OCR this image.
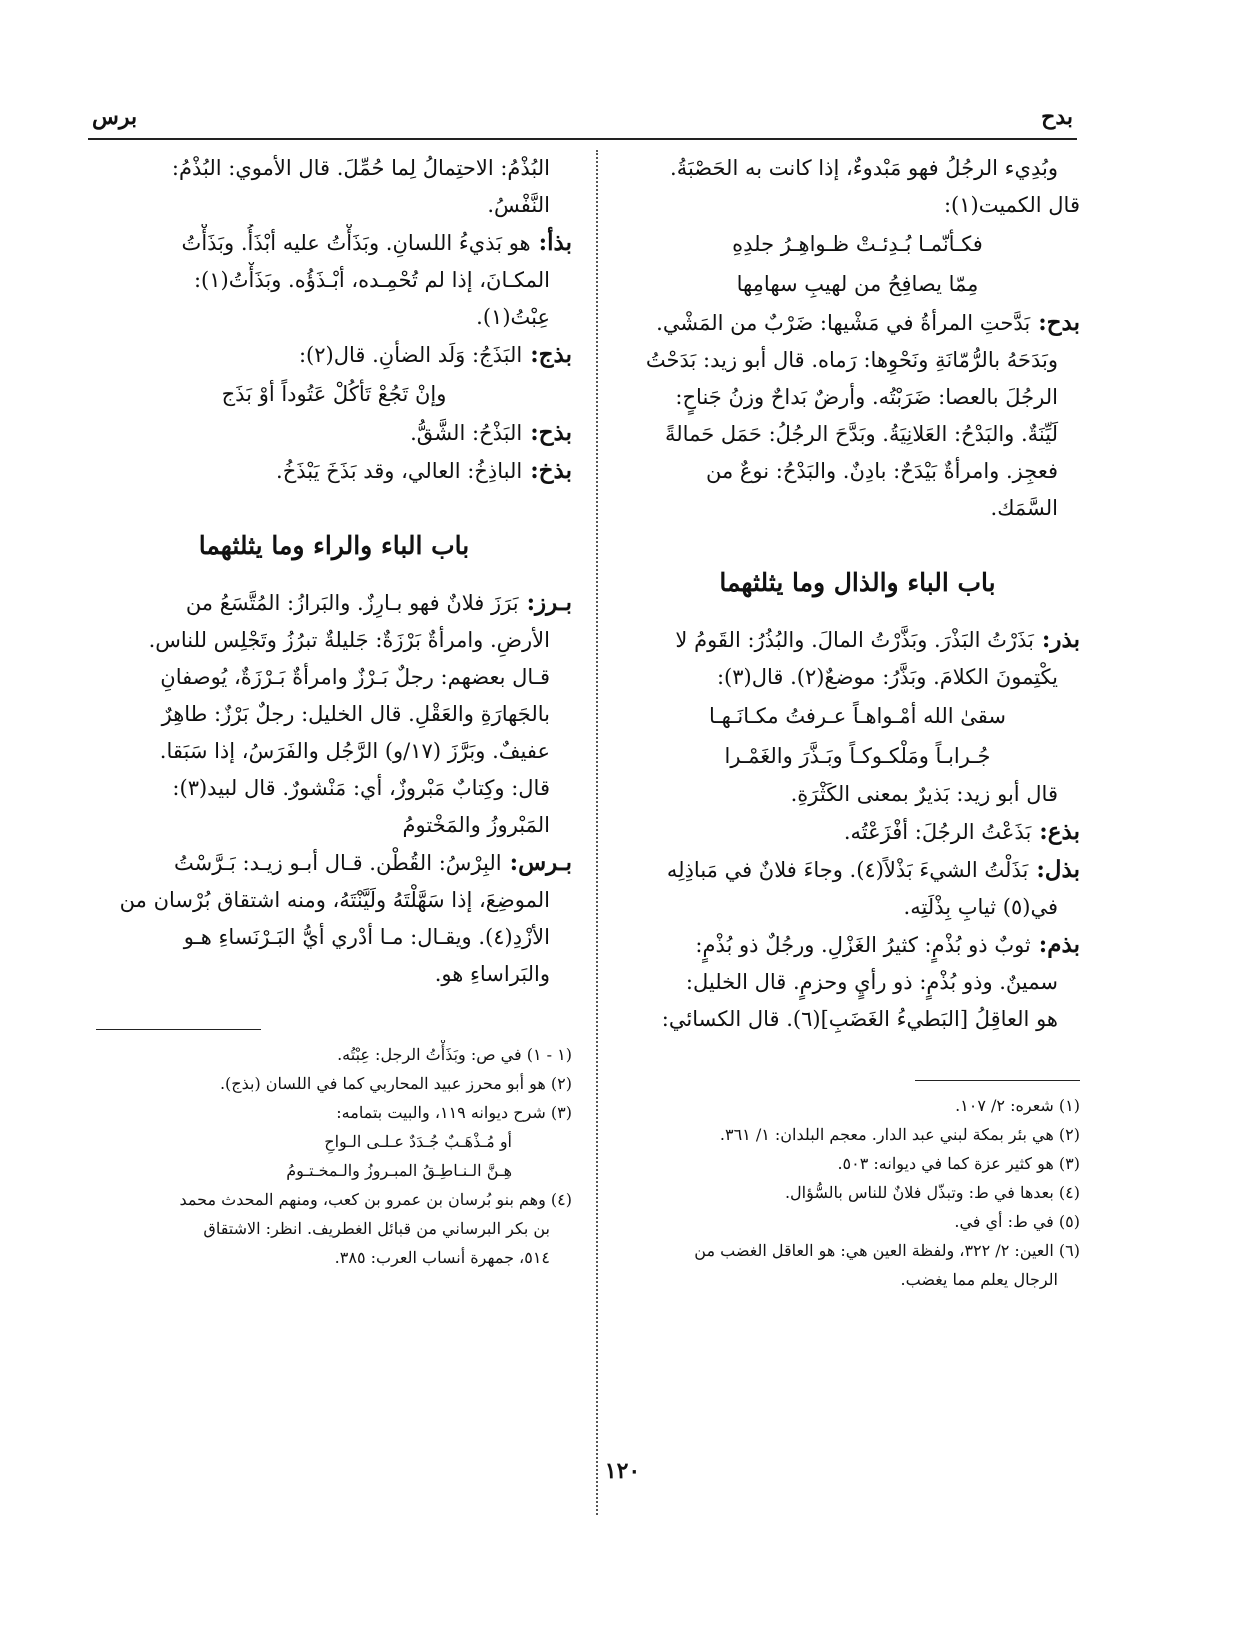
بدح
برس

وبُدِيء الرجُلُ فهو مَبْدوءٌ، إذا كانت به الحَصْبَةُ.

قال الكميت(١):

فكـأنّمـا بُـدِئـتْ ظـواهِـرُ جلدِهِ
مِمّا يصافِحُ من لهيبِ سهامِها

بدح:بَدَّحتِ المرأةُ في مَشْيها: ضَرْبٌ من المَشْي.

وبَدَحَهُ بالرُّمّانَةِ ونَحْوِها: رَماه. قال أبو زيد: بَدَحْتُ

الرجُلَ بالعصا: ضَرَبْتُه. وأرضٌ بَداحٌ وزنُ جَناحٍ:

لَيِّنَةٌ. والبَدْحُ: العَلانِيَةُ. وبَدَّحَ الرجُلُ: حَمَل حَمالةً

فعجِز. وامرأةٌ بَيْدَحٌ: بادِنٌ. والبَدْحُ: نوعٌ من

السَّمَك.

باب الباء والذال وما يثلثهما

بذر:بَذَرْتُ البَذْرَ. وبَذَّرْتُ المالَ. والبُذُرُ: القَومُ لا

يكْتِمونَ الكلامَ. وبَذَّرُ: موضعٌ(٢). قال(٣):

سقىٰ الله أمْـواهـاً عـرفتُ مكـانَـهـا
جُـرابـاً ومَلْكـوكـاً وبَـذَّرَ والغَمْـرا

قال أبو زيد: بَذيرٌ بمعنى الكَثْرَةِ.

بذع:بَذَعْتُ الرجُلَ: أفْزَعْتُه.

بذل:بَذَلْتُ الشيءَ بَذْلاً(٤). وجاءَ فلانٌ في مَباذِلِه

في(٥) ثيابِ بِذْلَتِه.

بذم:ثوبٌ ذو بُذْمٍ: كثيرُ الغَزْلِ. ورجُلٌ ذو بُذْمٍ:

سمينٌ. وذو بُذْمٍ: ذو رأيٍ وحزمٍ. قال الخليل:

هو العاقِلُ [البَطيءُ الغَضَبِ](٦). قال الكسائي:

(١) شعره: ٢/ ١٠٧.

(٢) هي بئر بمكة لبني عبد الدار. معجم البلدان: ١/ ٣٦١.

(٣) هو كثير عزة كما في ديوانه: ٥٠٣.

(٤) بعدها في ط: وتبذّل فلانٌ للناس بالسُّؤال.

(٥) في ط: أي في.

(٦) العين: ٢/ ٣٢٢، ولفظة العين هي: هو العاقل الغضب من

الرجال يعلم مما يغضب.

البُذْمُ: الاحتِمالُ لِما حُمِّلَ. قال الأموي: البُذْمُ:

النَّفْسُ.

بذأ:هو بَذيءُ اللسانِ. وبَذَأْتُ عليه أبْذَأُ. وبَذَأْتُ

المكـانَ، إذا لم تُحْمِـده، أبْـذَؤُه. وبَذَأْتُ(١):

عِبْتُ(١).

بذج:البَذَجُ: وَلَد الضأنِ. قال(٢):

وإنْ تَجُعْ تَأكُلْ عَتُوداً أوْ بَذَج

بذح:البَذْحُ: الشَّقُّ.

بذخ:الباذِخُ: العالي، وقد بَذَخَ يَبْذَخُ.

باب الباء والراء وما يثلثهما

بـرز:بَرَزَ فلانٌ فهو بـارِزٌ. والبَرازُ: المُتَّسَعُ من

الأرضِ. وامرأةٌ بَرْزَةٌ: جَليلةٌ تبرُزُ وتَجْلِس للناس.

قـال بعضهم: رجلٌ بَـرْزٌ وامرأةٌ بَـرْزَةٌ، يُوصفانِ

بالجَهارَةِ والعَقْلِ. قال الخليل: رجلٌ بَرْزٌ: طاهِرٌ

عفيفٌ. وبَرَّزَ (١٧/و) الرَّجُل والفَرَسُ، إذا سَبَقا.

قال: وكِتابٌ مَبْروزٌ، أي: مَنْشورٌ. قال لبيد(٣):

المَبْروزُ والمَخْتومُ

بـرس:البِرْسُ: القُطْن. قـال أبـو زيـد: بَـرَّسْتُ

الموضِعَ، إذا سَهَّلْتَهُ ولَيَّنْتَهُ، ومنه اشتقاق بُرْسان من

الأزْدِ(٤). ويقـال: مـا أدْري أيُّ البَـرْنَساءِ هـو

والبَراساءِ هو.

(١ - ١) في ص: وبَذَأْتُ الرجل: عِبْتُه.

(٢) هو أبو محرز عبيد المحاربي كما في اللسان (بذج).

(٣) شرح ديوانه ١١٩، والبيت بتمامه:

أو مُـذْهَـبٌ جُـدَدٌ عـلـى الـواحِ
هِـنَّ الـنـاطِـقُ المبـروزُ والـمخـتـومُ

(٤) وهم بنو بُرسان بن عمرو بن كعب، ومنهم المحدث محمد

بن بكر البرساني من قبائل الغطريف. انظر: الاشتقاق

٥١٤، جمهرة أنساب العرب: ٣٨٥.

١٢٠
